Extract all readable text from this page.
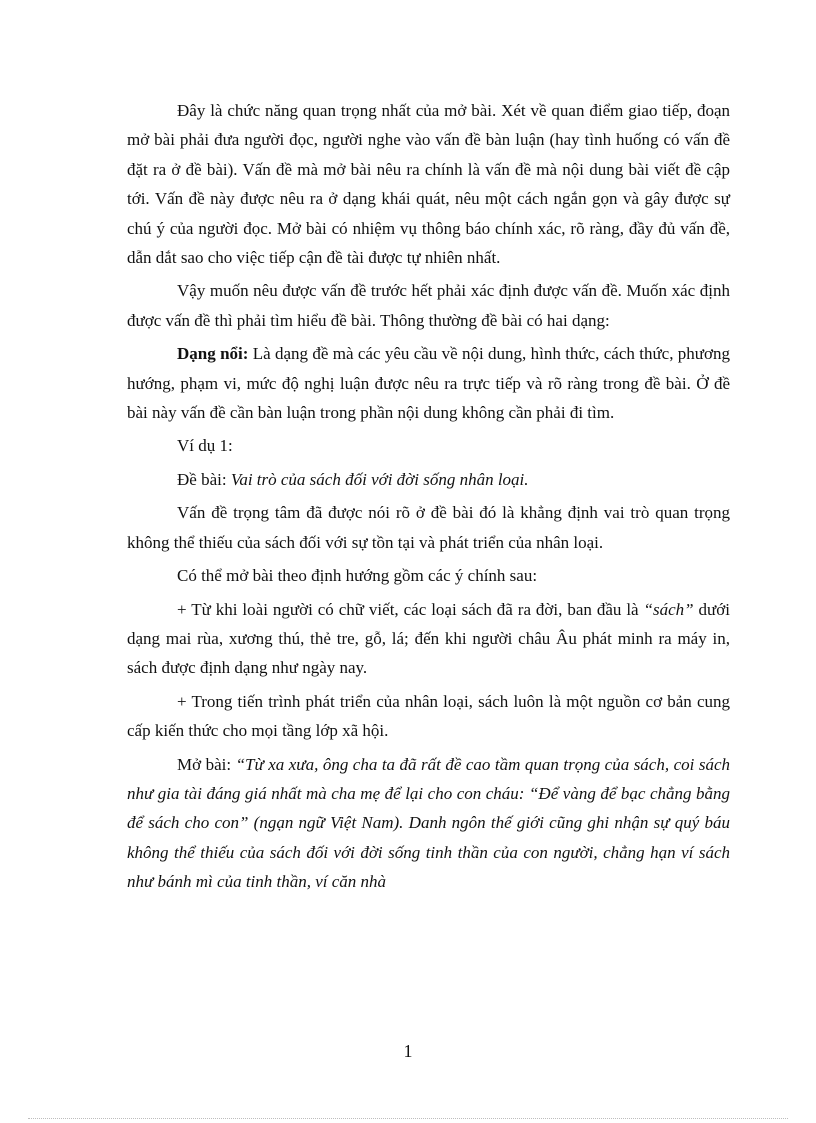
Đây là chức năng quan trọng nhất của mở bài. Xét về quan điểm giao tiếp, đoạn mở bài phải đưa người đọc, người nghe vào vấn đề bàn luận (hay tình huống có vấn đề đặt ra ở đề bài). Vấn đề mà mở bài nêu ra chính là vấn đề mà nội dung bài viết đề cập tới. Vấn đề này được nêu ra ở dạng khái quát, nêu một cách ngắn gọn và gây được sự chú ý của người đọc. Mở bài có nhiệm vụ thông báo chính xác, rõ ràng, đầy đủ vấn đề, dẫn dắt sao cho việc tiếp cận đề tài được tự nhiên nhất.

Vậy muốn nêu được vấn đề trước hết phải xác định được vấn đề. Muốn xác định được vấn đề thì phải tìm hiểu đề bài. Thông thường đề bài có hai dạng:

Dạng nổi: Là dạng đề mà các yêu cầu về nội dung, hình thức, cách thức, phương hướng, phạm vi, mức độ nghị luận được nêu ra trực tiếp và rõ ràng trong đề bài. Ở đề bài này vấn đề cần bàn luận trong phần nội dung không cần phải đi tìm.

Ví dụ 1:

Đề bài: Vai trò của sách đối với đời sống nhân loại.

Vấn đề trọng tâm đã được nói rõ ở đề bài đó là khẳng định vai trò quan trọng không thể thiếu của sách đối với sự tồn tại và phát triển của nhân loại.

Có thể mở bài theo định hướng gồm các ý chính sau:

+ Từ khi loài người có chữ viết, các loại sách đã ra đời, ban đầu là “sách” dưới dạng mai rùa, xương thú, thẻ tre, gỗ, lá; đến khi người châu Âu phát minh ra máy in, sách được định dạng như ngày nay.

+ Trong tiến trình phát triển của nhân loại, sách luôn là một nguồn cơ bản cung cấp kiến thức cho mọi tầng lớp xã hội.

Mở bài: “Từ xa xưa, ông cha ta đã rất đề cao tầm quan trọng của sách, coi sách như gia tài đáng giá nhất mà cha mẹ để lại cho con cháu: “Để vàng để bạc chẳng bằng để sách cho con” (ngạn ngữ Việt Nam). Danh ngôn thế giới cũng ghi nhận sự quý báu không thể thiếu của sách đối với đời sống tinh thần của con người, chẳng hạn ví sách như bánh mì của tinh thần, ví căn nhà

1
